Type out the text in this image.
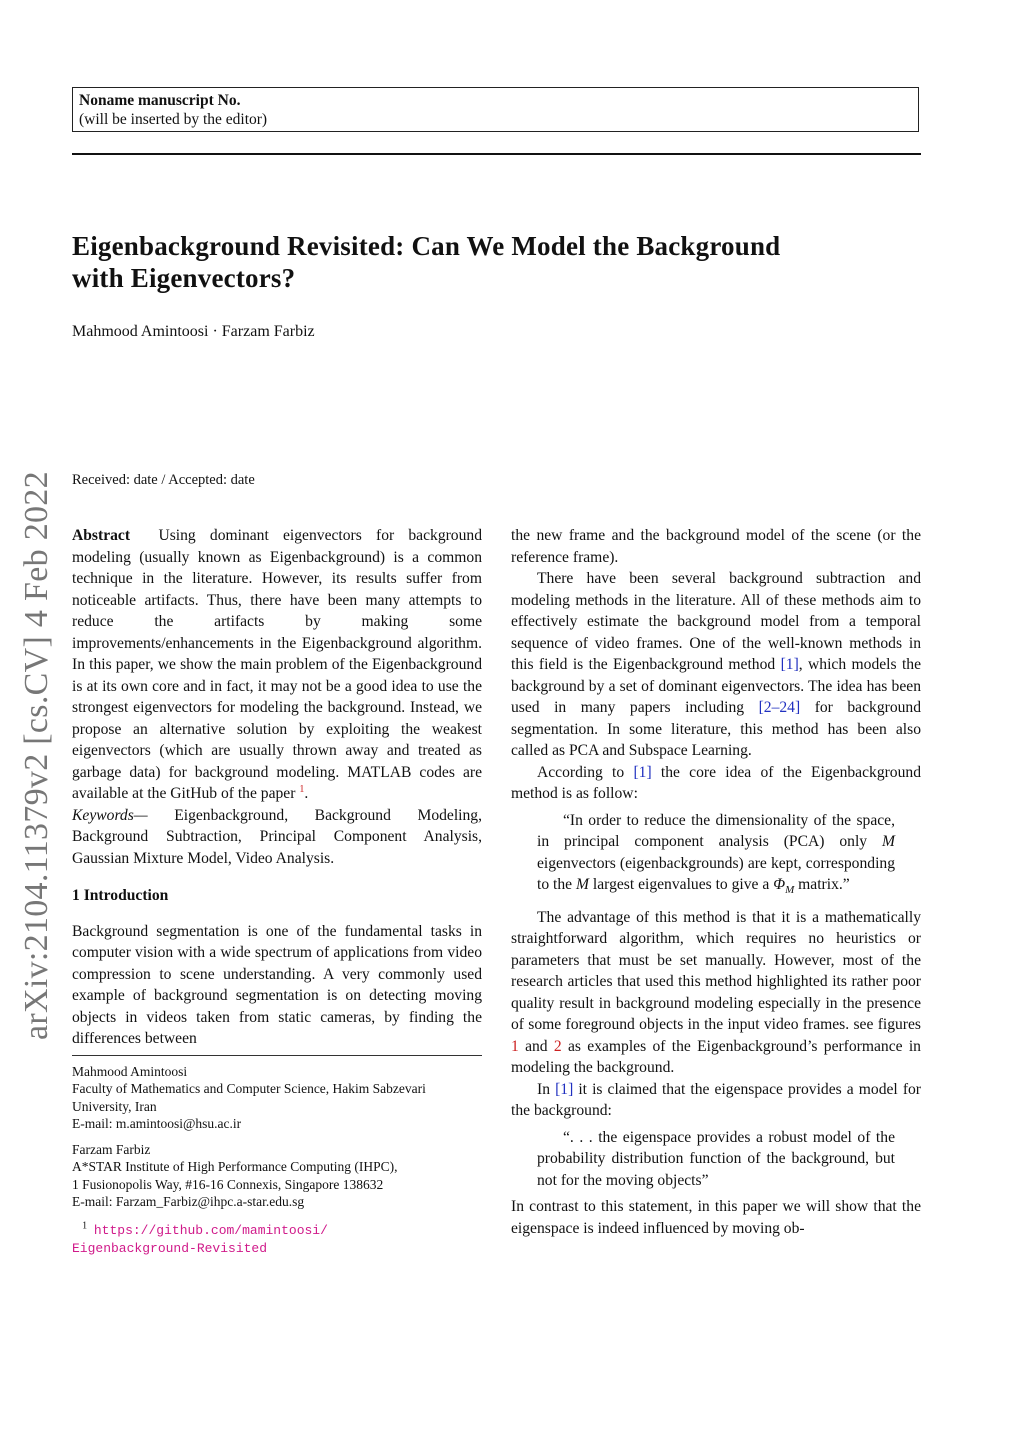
Noname manuscript No.
(will be inserted by the editor)
arXiv:2104.11379v2 [cs.CV] 4 Feb 2022
Eigenbackground Revisited: Can We Model the Background
with Eigenvectors?
Mahmood Amintoosi · Farzam Farbiz
Received: date / Accepted: date

Abstract Using dominant eigenvectors for background modeling (usually known as Eigenbackground) is a common technique in the literature. However, its results suffer from noticeable artifacts. Thus, there have been many attempts to reduce the artifacts by making some improvements/enhancements in the Eigenbackground algorithm. In this paper, we show the main problem of the Eigenbackground is at its own core and in fact, it may not be a good idea to use the strongest eigenvectors for modeling the background. Instead, we propose an alternative solution by exploiting the weakest eigenvectors (which are usually thrown away and treated as garbage data) for background modeling. MATLAB codes are available at the GitHub of the paper $^1$.

Keywords— Eigenbackground, Background Modeling, Background Subtraction, Principal Component Analysis, Gaussian Mixture Model, Video Analysis.

1 Introduction

Background segmentation is one of the fundamental tasks in computer vision with a wide spectrum of applications from video compression to scene understanding. A very commonly used example of background segmentation is on detecting moving objects in videos taken from static cameras, by finding the differences between

Mahmood Amintoosi

Faculty of Mathematics and Computer Science, Hakim Sabzevari University, Iran

E-mail: m.amintoosi@hsu.ac.ir

Farzam Farbiz

A*STAR Institute of High Performance Computing (IHPC),

1 Fusionopolis Way, #16-16 Connexis, Singapore 138632

E-mail: Farzam_Farbiz@ihpc.a-star.edu.sg

$^1$ https://github.com/mamintoosi/

Eigenbackground-Revisited

the new frame and the background model of the scene (or the reference frame).

There have been several background subtraction and modeling methods in the literature. All of these methods aim to effectively estimate the background model from a temporal sequence of video frames. One of the well-known methods in this field is the Eigenbackground method [1], which models the background by a set of dominant eigenvectors. The idea has been used in many papers including [2–24] for background segmentation. In some literature, this method has been also called as PCA and Subspace Learning.

According to [1] the core idea of the Eigenbackground method is as follow:

“In order to reduce the dimensionality of the space, in principal component analysis (PCA) only M eigenvectors (eigenbackgrounds) are kept, corresponding to the M largest eigenvalues to give a $\Phi_M$ matrix.”

The advantage of this method is that it is a mathematically straightforward algorithm, which requires no heuristics or parameters that must be set manually. However, most of the research articles that used this method highlighted its rather poor quality result in background modeling especially in the presence of some foreground objects in the input video frames. see figures 1 and 2 as examples of the Eigenbackground’s performance in modeling the background.

In [1] it is claimed that the eigenspace provides a model for the background:

“. . . the eigenspace provides a robust model of the probability distribution function of the background, but not for the moving objects”

In contrast to this statement, in this paper we will show that the eigenspace is indeed influenced by moving ob-
